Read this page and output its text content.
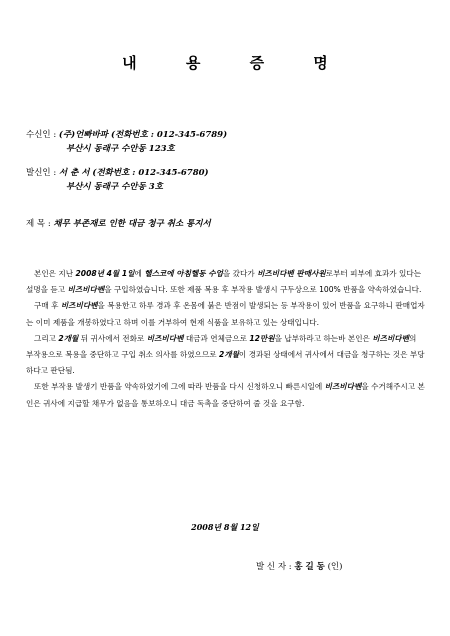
내 용 증 명
수신인 : (주)언빠바파 (전화번호 : 012-345-6789)
부산시 동래구 수안동 123호
발신인 : 서 춘 서 (전화번호 : 012-345-6780)
부산시 동래구 수안동 3호
제 목 : 채무 부존재로 인한 대금 청구 취소 통지서

본인은 지난 2008년 4월 1일에 헬스코에 아침헬동 수업을 갔다가 비즈비다벤 판매사원로부터 피부에 효과가 있다는 설명을 듣고 비즈비다벤을 구입하였습니다. 또한 제품 복용 후 부작용 발생시 구두상으로 100% 반품을 약속하였습니다.

구매 후 비즈비다벤을 복용한고 하루 경과 후 온몸에 붉은 반점이 발생되는 등 부작용이 있어 반품을 요구하니 판매업자는 이미 제품을 개봉하였다고 하며 이를 거부하여 현재 식품을 보유하고 있는 상태입니다.

그리고 2개월 뒤 귀사에서 전화로 비즈비다벤 대금과 연체금으로 12만원을 납부하라고 하는바 본인은 비즈비다벤의 부작용으로 복용을 중단하고 구입 취소 의사를 하였으므로 2개월이 경과된 상태에서 귀사에서 대금을 청구하는 것은 부당하다고 판단됨.

또한 부작용 발생기 반품을 약속하였기에 그에 따라 반품을 다시 신청하오니 빠른시일에 비즈비다벤을 수거해주시고 본인은 귀사에 지급할 채무가 없음을 통보하오니 대금 독촉을 중단하여 줄 것을 요구함.

2008년 8월 12일
발 신 자 : 홍 길 동 (인)
